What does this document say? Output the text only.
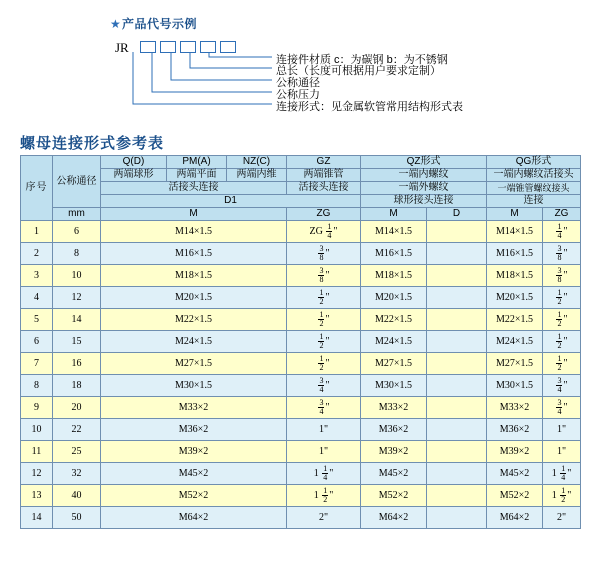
★ 产品代号示例
JR
连接件材质 c：为碳钢 b：为不锈钢
总长（长度可根据用户要求定制）
公称通径
公称压力
连接形式：见金属软管常用结构形式表
螺母连接形式参考表
序号	公称通径	Q(D)	PM(A)	NZ(C)	GZ	QZ形式		QG形式	
		两端球形	两端平面	两端内维	两端锥管	一端内螺纹		一端内螺纹活接头	
		活接头连接			活接头连接	一端外螺纹		一端锥管螺纹接头	
		D1				球形接头连接		连接	
	mm	M			ZG	M	D	M	ZG
1	6	M14×1.5			ZG $\frac{1}{4}$ "	M14×1.5		M14×1.5	$\frac{1}{4}$ "
2	8	M16×1.5			$\frac{3}{8}$ "	M16×1.5		M16×1.5	$\frac{3}{8}$ "
3	10	M18×1.5			$\frac{3}{8}$ "	M18×1.5		M18×1.5	$\frac{3}{8}$ "
4	12	M20×1.5			$\frac{1}{2}$ "	M20×1.5		M20×1.5	$\frac{1}{2}$ "
5	14	M22×1.5			$\frac{1}{2}$ "	M22×1.5		M22×1.5	$\frac{1}{2}$ "
6	15	M24×1.5			$\frac{1}{2}$ "	M24×1.5		M24×1.5	$\frac{1}{2}$ "
7	16	M27×1.5			$\frac{1}{2}$ "	M27×1.5		M27×1.5	$\frac{1}{2}$ "
8	18	M30×1.5			$\frac{3}{4}$ "	M30×1.5		M30×1.5	$\frac{3}{4}$ "
9	20	M33×2			$\frac{3}{4}$ "	M33×2		M33×2	$\frac{3}{4}$ "
10	22	M36×2			1"	M36×2		M36×2	1"
11	25	M39×2			1"	M39×2		M39×2	1"
12	32	M45×2			$1 \frac{1}{4}$ "	M45×2		M45×2	$1 \frac{1}{4}$ "
13	40	M52×2			$1 \frac{1}{2}$ "	M52×2		M52×2	$1 \frac{1}{2}$ "
14	50	M64×2			2"	M64×2		M64×2	2"
